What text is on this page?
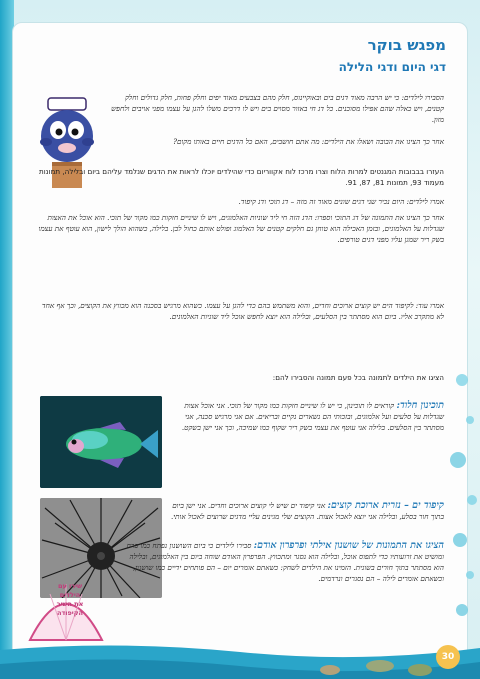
מפגש בוקר
דגי היום ודגי הלילה
הסבירו לילדים: כי יש הרבה מאוד דגים בים ובאוקיינוס, חלק מהם בצבעים מאוד יפים וחלק פחות, חלק גדולים וחלק קטנים, ויש כאלה שהם אפילו מסוכנים. כל דג חי באזור מסוים בים ויש לו דרכים משלו להגן על עצמו מפני אויבים ולחפש מזון.
אחר כך הציגו את הבובה ושאלו את הילדים: מה אתם חושבים, האם כל הדגים חיים באותו מקום?
העזרו בבבובות המגנטים למרות הלוח וצרו מרכז לוח אקווריום כדי שהילדים יוכלו לראות את הדגים שנלמד עליהם ביום ובלילה, תמונות מעמוד 93, תמונות 81, 87, 91.
אמרו לילדים: היום נכיר שני דגים שונים מאוד זה מזה – דג תוכי ודג קיפוד.
אחר כך הציגו את התמונה של דג התוכי וספרו: הדג הזה חי ליד שוניות האלמוגים, ויש לו שיניים חזקות כמו מקור של תוכי. הוא אוכל את האצות שגדלות על האלמוגים, ובזמן האכילה הוא טוחן גם חלקים קטנים של האלמוג ופולט אותם כחול לבן. בלילה, כשהוא הולך לישון, הוא עוטף את עצמו בשק ריר שמגן עליו מפני דגים טורפים.
אמרו עוד: לקיפוד הים יש קוצים ארוכים וחדים, והוא משתמש בהם כדי להגן על עצמו. כשהוא מרגיש בסכנה הוא מכווץ את הקוצים, וכך אף אחד לא מתקרב אליו. ביום הוא מסתתר בין הסלעים, ובלילה הוא יוצא לחפש אוכל ליד שוניות האלמוגים.
הציגו את הילדים לתמונה בכל פעם תמונה והסבירו להם:
תוכינון חלוד: קוראים לו תוכינון, כי יש לו שיניים חזקות כמו מקור של תוכי. אני אוכל אצות שגדלות על סלעים ועל אלמוגים, ובזכותי הם נשארים נקיים ובריאים. אם אני מרגיש סכנה, אני מסתתר בין הסלעים. בלילה אני עוטף את עצמי בשק ריר שקוף כמו שמיכה, וכך אני ישן בשקט.
קיפוד ים – נזרית ארוכת קוצים: אני קיפוד ים שיש לי קוצים ארוכים וחדים. אני ישן ביום בתוך חור בסלע, ובלילה אני יוצא לאכול אצות. הקוצים שלי מגינים עליי מדגים שרוצים לאכול אותי.
הציגו את התמונות של שושנון אילתי ופרפרון אודם: סבירו לילדים כי ביום השושנון נפתח כמו פרח ומושיט את זרועותיו כדי לתפוס אוכל, ובלילה הוא נסגר ומתכווץ. הפרפרון האודם שוחה ביום בין האלמוגים, ובלילה הוא מסתתר בתוך חורים בשונית. הזמינו את הילדים לשחק: כשאתם אומרים יום – הם פותחים ידיים כמו שושנון, וכשאתם אומרים לילה – הם נסגרים ונרדמים.
שירו עם
הילדים
את השיר
הקיפודה
30
